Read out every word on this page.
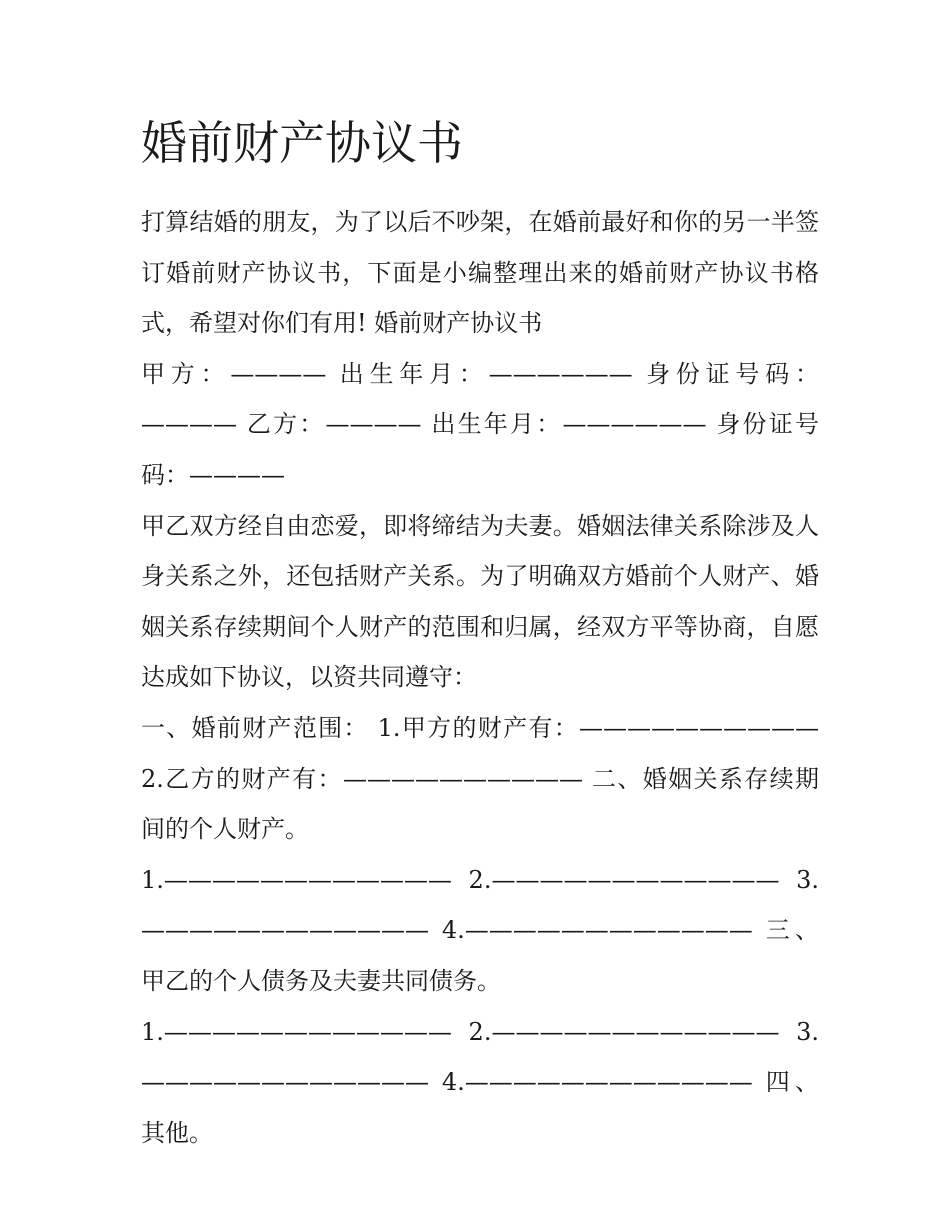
婚前财产协议书

打算结婚的朋友，为了以后不吵架，在婚前最好和你的另一半签订婚前财产协议书，下面是小编整理出来的婚前财产协议书格式，希望对你们有用! 婚前财产协议书

甲方：———— 出生年月：—————— 身份证号码：———— 乙方：———— 出生年月：—————— 身份证号码：————

甲乙双方经自由恋爱，即将缔结为夫妻。婚姻法律关系除涉及人身关系之外，还包括财产关系。为了明确双方婚前个人财产、婚姻关系存续期间个人财产的范围和归属，经双方平等协商，自愿达成如下协议，以资共同遵守：

一、婚前财产范围： 1.甲方的财产有：—————————— 2.乙方的财产有：—————————— 二、婚姻关系存续期间的个人财产。

1.———————————— 2.———————————— 3.———————————— 4.———————————— 三、甲乙的个人债务及夫妻共同债务。

1.———————————— 2.———————————— 3.———————————— 4.———————————— 四、其他。
